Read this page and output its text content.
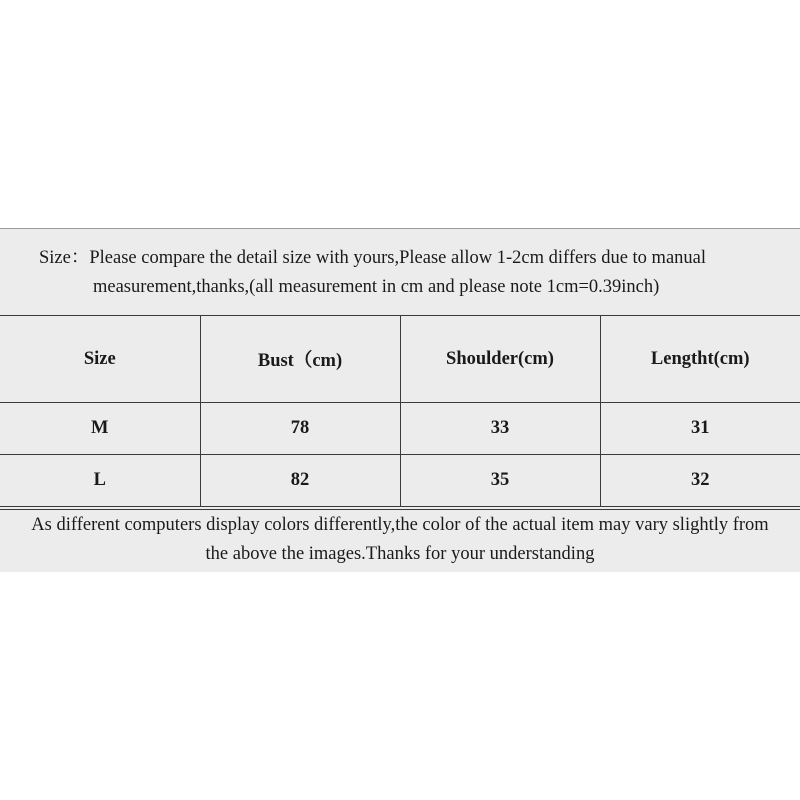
Size：Please compare the detail size with yours,Please allow 1-2cm differs due to manual
measurement,thanks,(all measurement in cm and please note 1cm=0.39inch)
Size	Bust（cm)	Shoulder(cm)	Lengtht(cm)
M	78	33	31
L	82	35	32
As different computers display colors differently,the color of the actual item may vary slightly from
the above the images.Thanks for your understanding
